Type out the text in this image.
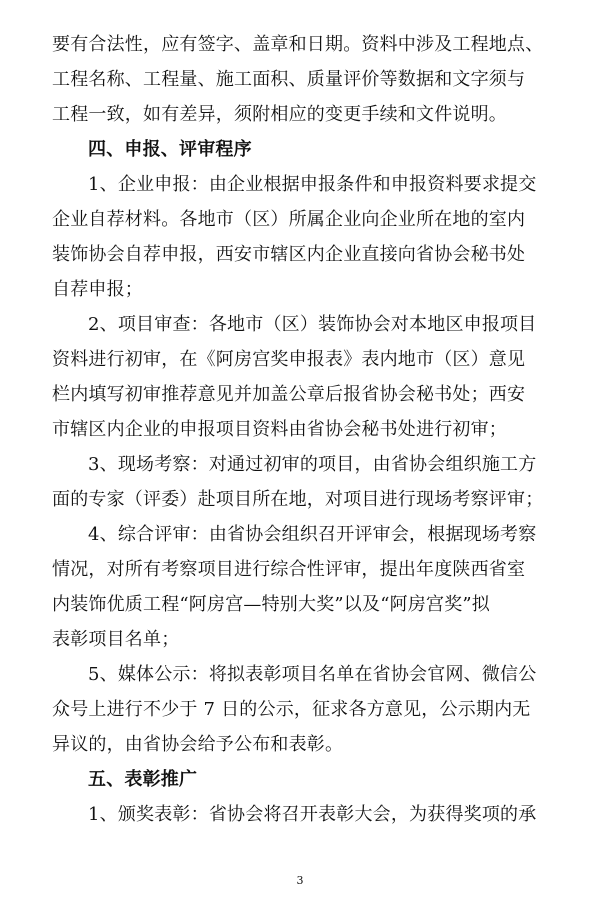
要有合法性，应有签字、盖章和日期。资料中涉及工程地点、
工程名称、工程量、施工面积、质量评价等数据和文字须与
工程一致，如有差异，须附相应的变更手续和文件说明。
四、申报、评审程序
1、企业申报：由企业根据申报条件和申报资料要求提交
企业自荐材料。各地市（区）所属企业向企业所在地的室内
装饰协会自荐申报，西安市辖区内企业直接向省协会秘书处
自荐申报；
2、项目审查：各地市（区）装饰协会对本地区申报项目
资料进行初审，在《阿房宫奖申报表》表内地市（区）意见
栏内填写初审推荐意见并加盖公章后报省协会秘书处；西安
市辖区内企业的申报项目资料由省协会秘书处进行初审；
3、现场考察：对通过初审的项目，由省协会组织施工方
面的专家（评委）赴项目所在地，对项目进行现场考察评审；
4、综合评审：由省协会组织召开评审会，根据现场考察
情况，对所有考察项目进行综合性评审，提出年度陕西省室
内装饰优质工程“阿房宫—特别大奖”以及“阿房宫奖”拟
表彰项目名单；
5、媒体公示：将拟表彰项目名单在省协会官网、微信公
众号上进行不少于 7 日的公示，征求各方意见，公示期内无
异议的，由省协会给予公布和表彰。
五、表彰推广
1、颁奖表彰：省协会将召开表彰大会，为获得奖项的承
3
